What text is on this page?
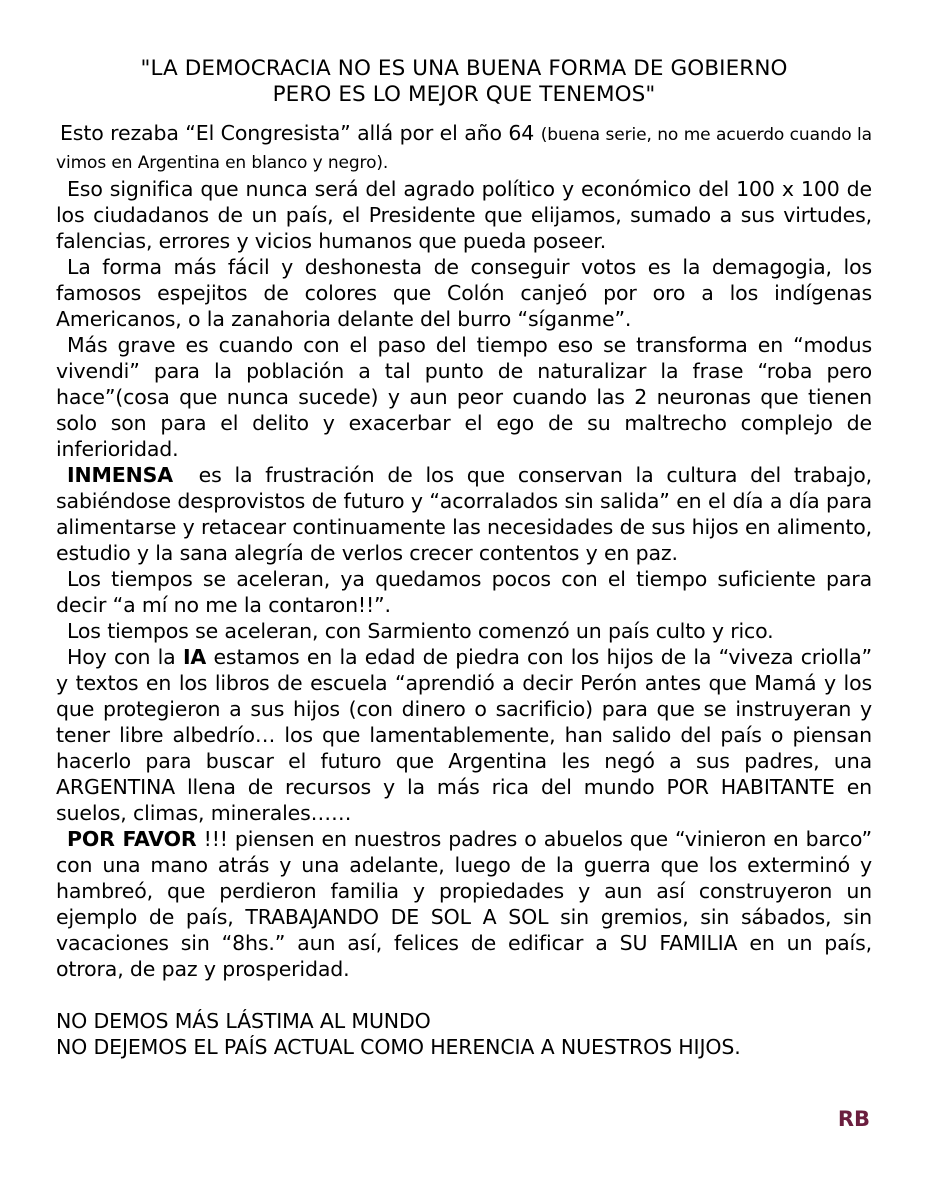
"LA DEMOCRACIA NO ES UNA BUENA FORMA DE GOBIERNO
PERO ES LO MEJOR QUE TENEMOS"

Esto rezaba “El Congresista” allá por el año 64 (buena serie, no me acuerdo cuando la vimos en Argentina en blanco y negro).

Eso significa que nunca será del agrado político y económico del 100 x 100 de los ciudadanos de un país, el Presidente que elijamos, sumado a sus virtudes, falencias, errores y vicios humanos que pueda poseer.

La forma más fácil y deshonesta de conseguir votos es la demagogia, los famosos espejitos de colores que Colón canjeó por oro a los indígenas Americanos, o la zanahoria delante del burro “síganme”.

Más grave es cuando con el paso del tiempo eso se transforma en “modus vivendi” para la población a tal punto de naturalizar la frase “roba pero hace”(cosa que nunca sucede) y aun peor cuando las 2 neuronas que tienen solo son para el delito y exacerbar el ego de su maltrecho complejo de inferioridad.

INMENSA  es la frustración de los que conservan la cultura del trabajo, sabiéndose desprovistos de futuro y “acorralados sin salida” en el día a día para alimentarse y retacear continuamente las necesidades de sus hijos en alimento, estudio y la sana alegría de verlos crecer contentos y en paz.

Los tiempos se aceleran, ya quedamos pocos con el tiempo suficiente para decir “a mí no me la contaron!!”.

Los tiempos se aceleran, con Sarmiento comenzó un país culto y rico.

Hoy con la IA estamos en la edad de piedra con los hijos de la “viveza criolla” y textos en los libros de escuela “aprendió a decir Perón antes que Mamá y los que protegieron a sus hijos (con dinero o sacrificio) para que se instruyeran y tener libre albedrío… los que lamentablemente, han salido del país o piensan hacerlo para buscar el futuro que Argentina les negó a sus padres, una ARGENTINA llena de recursos y la más rica del mundo POR HABITANTE en suelos, climas, minerales……

POR FAVOR !!! piensen en nuestros padres o abuelos que “vinieron en barco” con una mano atrás y una adelante, luego de la guerra que los exterminó y hambreó, que perdieron familia y propiedades y aun así construyeron un ejemplo de país, TRABAJANDO DE SOL A SOL sin gremios, sin sábados, sin vacaciones sin “8hs.” aun así, felices de edificar a SU FAMILIA en un país, otrora, de paz y prosperidad.

NO DEMOS MÁS LÁSTIMA AL MUNDO
NO DEJEMOS EL PAÍS ACTUAL COMO HERENCIA A NUESTROS HIJOS.
RB
